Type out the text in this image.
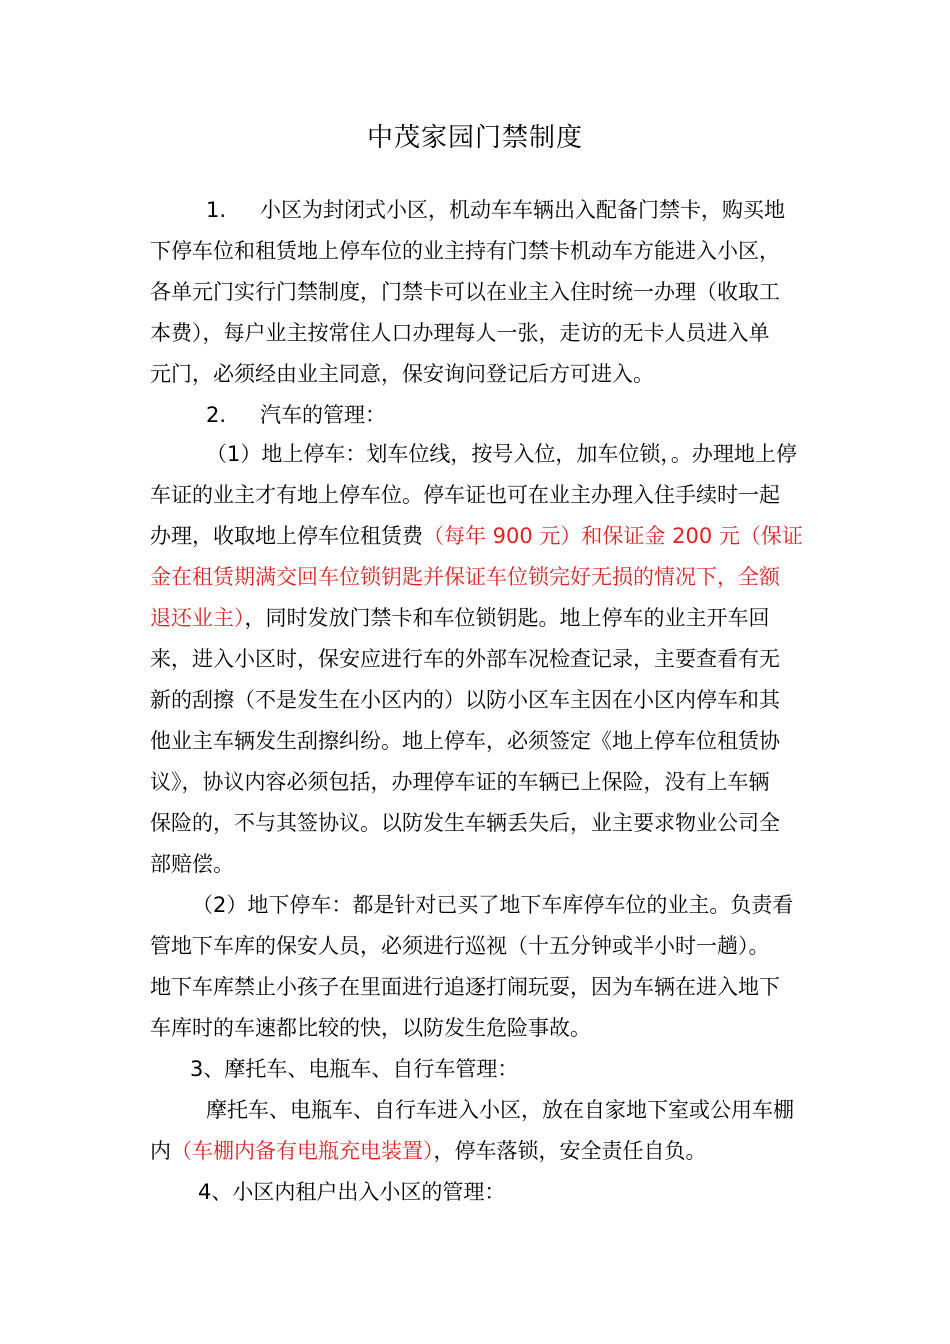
中茂家园门禁制度
1. 小区为封闭式小区，机动车车辆出入配备门禁卡，购买地
下停车位和租赁地上停车位的业主持有门禁卡机动车方能进入小区，
各单元门实行门禁制度，门禁卡可以在业主入住时统一办理（收取工
本费），每户业主按常住人口办理每人一张，走访的无卡人员进入单
元门，必须经由业主同意，保安询问登记后方可进入。
2. 汽车的管理：
（1）地上停车：划车位线，按号入位，加车位锁，。办理地上停
车证的业主才有地上停车位。停车证也可在业主办理入住手续时一起
办理，收取地上停车位租赁费（每年 900 元）和保证金 200 元（保证
金在租赁期满交回车位锁钥匙并保证车位锁完好无损的情况下，全额
退还业主），同时发放门禁卡和车位锁钥匙。地上停车的业主开车回
来，进入小区时，保安应进行车的外部车况检查记录，主要查看有无
新的刮擦（不是发生在小区内的）以防小区车主因在小区内停车和其
他业主车辆发生刮擦纠纷。地上停车，必须签定《地上停车位租赁协
议》，协议内容必须包括，办理停车证的车辆已上保险，没有上车辆
保险的，不与其签协议。以防发生车辆丢失后，业主要求物业公司全
部赔偿。
（2）地下停车：都是针对已买了地下车库停车位的业主。负责看
管地下车库的保安人员，必须进行巡视（十五分钟或半小时一趟）。
地下车库禁止小孩子在里面进行追逐打闹玩耍，因为车辆在进入地下
车库时的车速都比较的快，以防发生危险事故。
3、摩托车、电瓶车、自行车管理：
摩托车、电瓶车、自行车进入小区，放在自家地下室或公用车棚
内（车棚内备有电瓶充电装置），停车落锁，安全责任自负。
4、小区内租户出入小区的管理：
